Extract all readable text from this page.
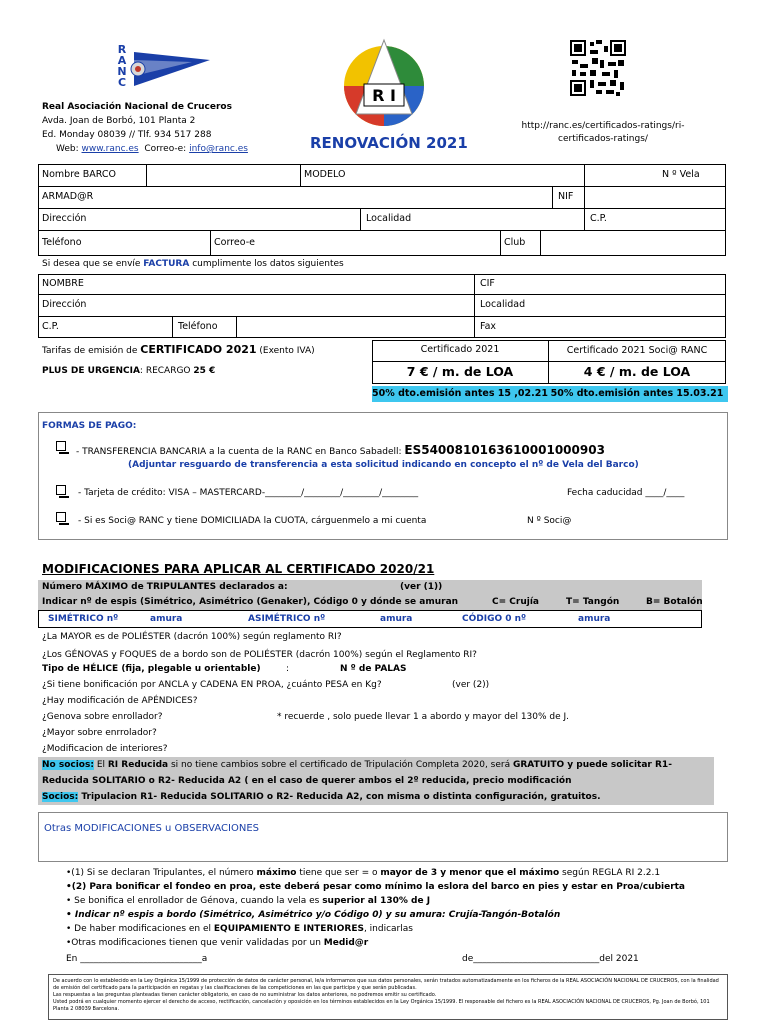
R
A
N
C
Real Asociación Nacional de Cruceros
Avda. Joan de Borbó, 101 Planta 2
Ed. Monday 08039 // Tlf. 934 517 288
Web: www.ranc.es Correo-e: info@ranc.es
R I
RENOVACIÓN 2021
http://ranc.es/certificados-ratings/ri-
certificados-ratings/
Nombre BARCO	MODELO	N º Vela
ARMAD@R	NIF
Dirección	Localidad	C.P.
Teléfono	Correo-e	Club
Si desea que se envíe FACTURA cumplimente los datos siguientes
NOMBRE	CIF
Dirección	Localidad
C.P.	Teléfono	Fax
Tarifas de emisión de CERTIFICADO 2021 (Exento IVA)
PLUS DE URGENCIA: RECARGO 25 €
Certificado 2021	Certificado 2021 Soci@ RANC
7 € / m. de LOA	4 € / m. de LOA
50% dto.emisión antes 15 ,02.21 50% dto.emisión antes 15.03.21
FORMAS DE PAGO:
- TRANSFERENCIA BANCARIA a la cuenta de la RANC en Banco Sabadell: ES5400810163610001000903
(Adjuntar resguardo de transferencia a esta solicitud indicando en concepto el nº de Vela del Barco)
- Tarjeta de crédito: VISA – MASTERCARD-________/________/________/________	Fecha caducidad ____/____
- Si es Soci@ RANC y tiene DOMICILIADA la CUOTA, cárguenmelo a mi cuenta	N º Soci@
MODIFICACIONES PARA APLICAR AL CERTIFICADO 2020/21
Número MÁXIMO de TRIPULANTES declarados a:	(ver (1))
Indicar nº de espis (Simétrico, Asimétrico (Genaker), Código 0 y dónde se amuran	C= Crujía	T= Tangón	B= Botalón
SIMÉTRICO nº	amura	ASIMÉTRICO nº	amura	CÓDIGO 0 nº	amura
¿La MAYOR es de POLIÉSTER (dacrón 100%) según reglamento RI?
¿Los GÉNOVAS y FOQUES de a bordo son de POLIÉSTER (dacrón 100%) según el Reglamento RI?
Tipo de HÉLICE (fija, plegable u orientable)	:	N º de PALAS
¿Si tiene bonificación por ANCLA y CADENA EN PROA, ¿cuánto PESA en Kg?	(ver (2))
¿Hay modificación de APÉNDICES?
¿Genova sobre enrollador?	* recuerde , solo puede llevar 1 a abordo y mayor del 130% de J.
¿Mayor sobre enrrolador?
¿Modificacion de interiores?
No socios: El RI Reducida si no tiene cambios sobre el certificado de Tripulación Completa 2020, será GRATUITO y puede solicitar R1-
Reducida SOLITARIO o R2- Reducida A2 ( en el caso de querer ambos el 2º reducida, precio modificación
Socios: Tripulacion R1- Reducida SOLITARIO o R2- Reducida A2, con misma o distinta configuración, gratuitos.
Otras MODIFICACIONES u OBSERVACIONES
•(1) Si se declaran Tripulantes, el número máximo tiene que ser = o mayor de 3 y menor que el máximo según REGLA RI 2.2.1
•(2) Para bonificar el fondeo en proa, este deberá pesar como mínimo la eslora del barco en pies y estar en Proa/cubierta
• Se bonifica el enrollador de Génova, cuando la vela es superior al 130% de J
• Indicar nº espis a bordo (Simétrico, Asimétrico y/o Código 0) y su amura: Crujía-Tangón-Botalón
• De haber modificaciones en el EQUIPAMIENTO E INTERIORES, indicarlas
•Otras modificaciones tienen que venir validadas por un Medid@r
En ___________________________a	de____________________________del 2021
De acuerdo con lo establecido en la Ley Orgánica 15/1999 de protección de datos de carácter personal, le/a informamos que sus datos personales, serán tratados automatizadamente en los ficheros de la REAL ASOCIACIÓN NACIONAL DE CRUCEROS, con la finalidad de emisión del certificado para la participación en regatas y las clasificaciones de las competiciones en las que participe y que serán publicadas.
Las respuestas a las preguntas planteadas tienen carácter obligatorio, en caso de no suministrar los datos anteriores, no podremos emitir su certificado.
Usted podrá en cualquier momento ejercer el derecho de acceso, rectificación, cancelación y oposición en los términos establecidos en la Ley Orgánica 15/1999. El responsable del fichero es la REAL ASOCIACIÓN NACIONAL DE CRUCEROS, Pg. Joan de Borbó, 101 Planta 2 08039 Barcelona.
